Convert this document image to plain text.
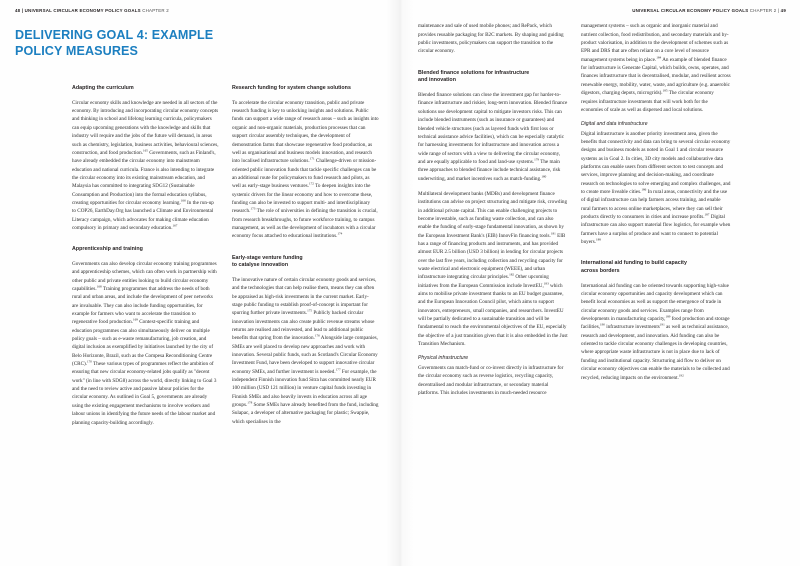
48 | UNIVERSAL CIRCULAR ECONOMY POLICY GOALS CHAPTER 2
DELIVERING GOAL 4: EXAMPLE POLICY MEASURES
Adapting the curriculum

Circular economy skills and knowledge are needed in all sectors of the economy. By introducing and incorporating circular economy concepts and thinking in school and lifelong learning curricula, policymakers can equip upcoming generations with the knowledge and skills that industry will require and the jobs of the future will demand, in areas such as chemistry, legislation, business activities, behavioural sciences, construction, and food production.$^{165}$ Governments, such as Finland's, have already embedded the circular economy into mainstream education and national curricula. France is also intending to integrate the circular economy into its existing mainstream education, and Malaysia has committed to integrating SDG12 (Sustainable Consumption and Production) into the formal education syllabus, creating opportunities for circular economy learning.$^{166}$ In the run-up to COP26, EarthDay.Org has launched a Climate and Environmental Literacy campaign, which advocates for making climate education compulsory in primary and secondary education.$^{167}$

Apprenticeship and training

Governments can also develop circular economy training programmes and apprenticeship schemes, which can often work in partnership with other public and private entities looking to build circular economy capabilities.$^{168}$ Training programmes that address the needs of both rural and urban areas, and include the development of peer networks are invaluable. They can also include funding opportunities, for example for farmers who want to accelerate the transition to regenerative food production.$^{169}$ Context-specific training and education programmes can also simultaneously deliver on multiple policy goals – such as e-waste remanufacturing, job creation, and digital inclusion as exemplified by initiatives launched by the city of Belo Horizonte, Brazil, such as the Compesa Reconditioning Centre (CRC).$^{170}$ These various types of programmes reflect the ambition of ensuring that new circular economy-related jobs qualify as "decent work" (in line with SDG8) across the world, directly linking to Goal 3 and the need to review active and passive labour policies for the circular economy. As outlined in Goal 5, governments are already using the existing engagement mechanisms to involve workers and labour unions in identifying the future needs of the labour market and planning capacity-building accordingly.

Research funding for system change solutions

To accelerate the circular economy transition, public and private research funding is key to unlocking insights and solutions. Public funds can support a wide range of research areas – such as insights into organic and non-organic materials, production processes that can support circular assembly techniques, the development of demonstration farms that showcase regenerative food production, as well as organisational and business models innovation, and research into localised infrastructure solutions.$^{171}$ Challenge-driven or mission-oriented public innovation funds that tackle specific challenges can be an additional route for policymakers to fund research and pilots, as well as early-stage business ventures.$^{172}$ To deepen insights into the systemic drivers for the linear economy and how to overcome these, funding can also be invested to support multi- and interdisciplinary research.$^{173}$ The role of universities in defining the transition is crucial, from research breakthroughs, to future workforce training, to campus management, as well as the development of incubators with a circular economy focus attached to educational institutions.$^{174}$

Early-stage venture funding
to catalyse innovation

The innovative nature of certain circular economy goods and services, and the technologies that can help realise them, means they can often be appraised as high-risk investments in the current market. Early-stage public funding to establish proof-of-concept is important for spurring further private investments.$^{175}$ Publicly backed circular innovation investments can also create public revenue streams whose returns are realised and reinvested, and lead to additional public benefits that spring from the innovation.$^{176}$ Alongside large companies, SMEs are well placed to develop new approaches and work with innovation. Several public funds, such as Scotland's Circular Economy Investment Fund, have been developed to support innovative circular economy SMEs, and further investment is needed.$^{177}$ For example, the independent Finnish innovation fund Sitra has committed nearly EUR 100 million (USD 121 million) in venture capital funds investing in Finnish SMEs and also heavily invests in education across all age groups.$^{178}$ Some SMEs have already benefited from the fund, including Sulapac, a developer of alternative packaging for plastic; Swappie, which specialises in the

UNIVERSAL CIRCULAR ECONOMY POLICY GOALS CHAPTER 2 | 49

maintenance and sale of used mobile phones; and RePack, which provides reusable packaging for B2C markets. By shaping and guiding public investments, policymakers can support the transition to the circular economy.

Blended finance solutions for infrastructure
and innovation

Blended finance solutions can close the investment gap for harder-to-finance infrastructure and riskier, long-term innovation. Blended finance solutions use development capital to mitigate investors risks. This can include blended instruments (such as insurance or guarantees) and blended vehicle structures (such as layered funds with first loss or technical assistance advice facilities), which can be especially catalytic for harnessing investments for infrastructure and innovation across a wide range of sectors with a view to delivering the circular economy, and are equally applicable to food and land-use systems.$^{179}$ The main three approaches to blended finance include technical assistance, risk underwriting, and market incentives such as match-funding.$^{180}$

Multilateral development banks (MDBs) and development finance institutions can advise on project structuring and mitigate risk, crowding in additional private capital. This can enable challenging projects to become investable, such as funding waste collection, and can also enable the funding of early-stage fundamental innovation, as shown by the European Investment Bank's (EIB) InnovFin financing tools.$^{181}$ EIB has a range of financing products and instruments, and has provided almost EUR 2.5 billion (USD 3 billion) in lending for circular projects over the last five years, including collection and recycling capacity for waste electrical and electronic equipment (WEEE), and urban infrastructure integrating circular principles.$^{182}$ Other upcoming initiatives from the European Commission include InvestEU,$^{183}$ which aims to mobilise private investment thanks to an EU budget guarantee, and the European Innovation Council pilot, which aims to support innovators, entrepreneurs, small companies, and researchers. InvestEU will be partially dedicated to a sustainable transition and will be fundamental to reach the environmental objectives of the EU, especially the objective of a just transition given that it is also embedded in the Just Transition Mechanism.

Physical infrastructure

Governments can match-fund or co-invest directly in infrastructure for the circular economy such as reverse logistics, recycling capacity, decentralised and modular infrastructure, or secondary material platforms. This includes investments in much-needed resource

management systems – such as organic and inorganic material and nutrient collection, food redistribution, and secondary materials and by-product valorisation, in addition to the development of schemes such as EPR and DRS that are often reliant on a core level of resource management systems being in place.$^{184}$ An example of blended finance for infrastructure is Generate Capital, which builds, owns, operates, and finances infrastructure that is decentralised, modular, and resilient across renewable energy, mobility, water, waste, and agriculture (e.g. anaerobic digestors, charging depots, microgrids).$^{185}$ The circular economy requires infrastructure investments that will work both for the economies of scale as well as dispersed and local solutions.

Digital and data infrastructure

Digital infrastructure is another priority investment area, given the benefits that connectivity and data can bring to several circular economy designs and business models as noted in Goal 1 and circular resource systems as in Goal 2. In cities, 3D city models and collaborative data platforms can enable users from different sectors to test concepts and services, improve planning and decision-making, and coordinate research on technologies to solve emerging and complex challenges, and to create more liveable cities.$^{186}$ In rural areas, connectivity and the use of digital infrastructure can help farmers access training, and enable rural farmers to access online marketplaces, where they can sell their products directly to consumers in cities and increase profits.$^{187}$ Digital infrastructure can also support material flow logistics, for example when farmers have a surplus of produce and want to connect to potential buyers.$^{188}$

International aid funding to build capacity
across borders

International aid funding can be oriented towards supporting high-value circular economy opportunities and capacity development which can benefit local economies as well as support the emergence of trade in circular economy goods and services. Examples range from developments in manufacturing capacity,$^{189}$ food production and storage facilities,$^{190}$ infrastructure investments$^{191}$ as well as technical assistance, research and development, and innovation. Aid funding can also be oriented to tackle circular economy challenges in developing countries, where appropriate waste infrastructure is not in place due to lack of funding and institutional capacity. Structuring aid flow to deliver on circular economy objectives can enable the materials to be collected and recycled, reducing impacts on the environment.$^{192}$
